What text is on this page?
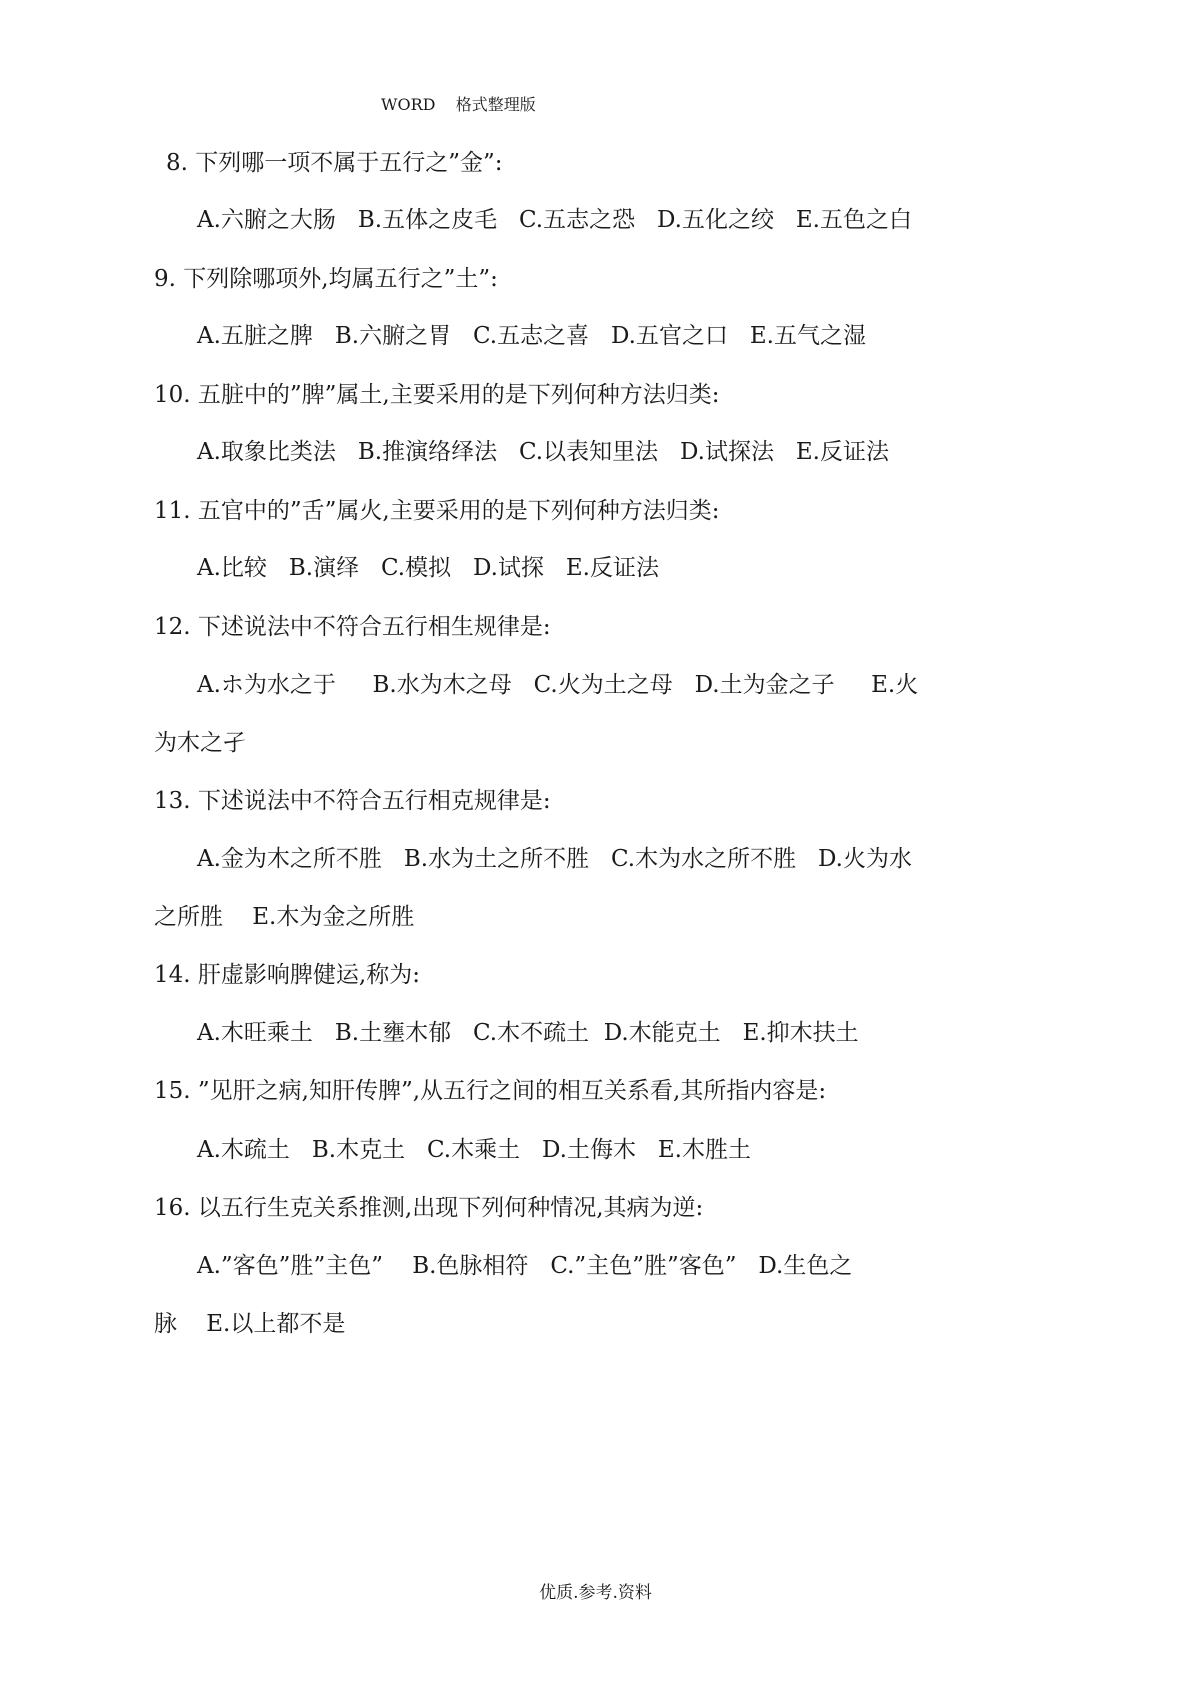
WORD    格式整理版
8. 下列哪一项不属于五行之”金”:
A.六腑之大肠   B.五体之皮毛   C.五志之恐   D.五化之绞   E.五色之白
9. 下列除哪项外,均属五行之”土”:
A.五脏之脾   B.六腑之胃   C.五志之喜   D.五官之口   E.五气之湿
10. 五脏中的”脾”属土,主要采用的是下列何种方法归类:
A.取象比类法   B.推演络绎法   C.以表知里法   D.试探法   E.反证法
11. 五官中的”舌”属火,主要采用的是下列何种方法归类:
A.比较   B.演绎   C.模拟   D.试探   E.反证法
12. 下述说法中不符合五行相生规律是:
A.ホ为水之于     B.水为木之母   C.火为土之母   D.土为金之子     E.火
为木之孑
13. 下述说法中不符合五行相克规律是:
A.金为木之所不胜   B.水为土之所不胜   C.木为水之所不胜   D.火为水
之所胜    E.木为金之所胜
14. 肝虚影响脾健运,称为:
A.木旺乘土   B.土壅木郁   C.木不疏土  D.木能克土   E.抑木扶土
15. ”见肝之病,知肝传脾”,从五行之间的相互关系看,其所指内容是:
A.木疏土   B.木克土   C.木乘土   D.土侮木   E.木胜土
16. 以五行生克关系推测,出现下列何种情况,其病为逆:
A.”客色”胜”主色”    B.色脉相符   C.”主色”胜”客色”   D.生色之
脉    E.以上都不是
优质.参考.资料
